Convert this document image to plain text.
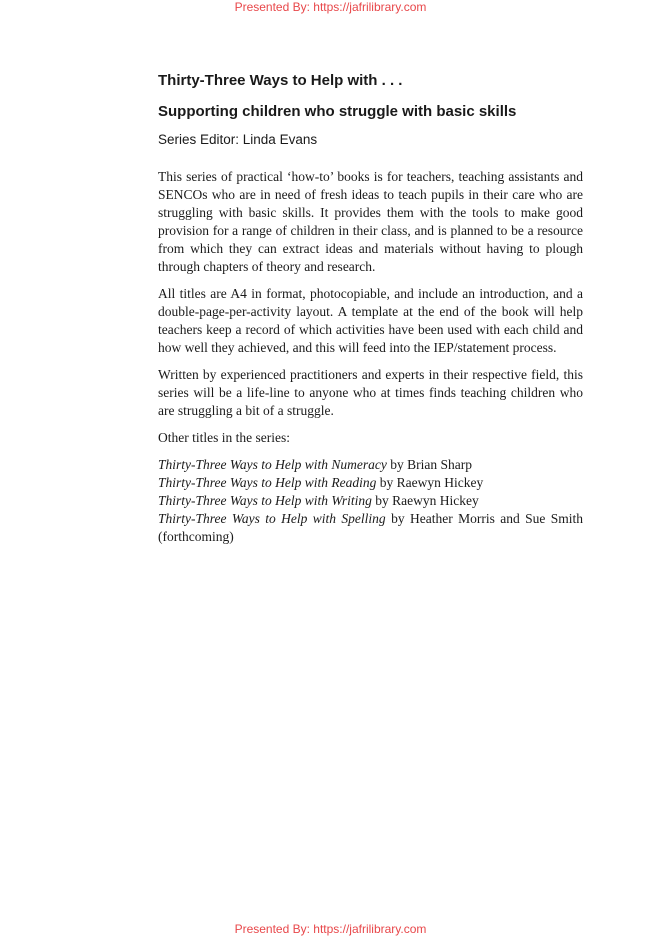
Presented By: https://jafrilibrary.com
Thirty-Three Ways to Help with . . .
Supporting children who struggle with basic skills

Series Editor: Linda Evans

This series of practical ‘how-to’ books is for teachers, teaching assistants and SENCOs who are in need of fresh ideas to teach pupils in their care who are struggling with basic skills. It provides them with the tools to make good provision for a range of children in their class, and is planned to be a resource from which they can extract ideas and materials without having to plough through chapters of theory and research.

All titles are A4 in format, photocopiable, and include an introduction, and a double-page-per-activity layout. A template at the end of the book will help teachers keep a record of which activities have been used with each child and how well they achieved, and this will feed into the IEP/statement process.

Written by experienced practitioners and experts in their respective field, this series will be a life-line to anyone who at times finds teaching children who are struggling a bit of a struggle.

Other titles in the series:

Thirty-Three Ways to Help with Numeracy by Brian Sharp
Thirty-Three Ways to Help with Reading by Raewyn Hickey
Thirty-Three Ways to Help with Writing by Raewyn Hickey
Thirty-Three Ways to Help with Spelling by Heather Morris and Sue Smith (forthcoming)
Presented By: https://jafrilibrary.com
